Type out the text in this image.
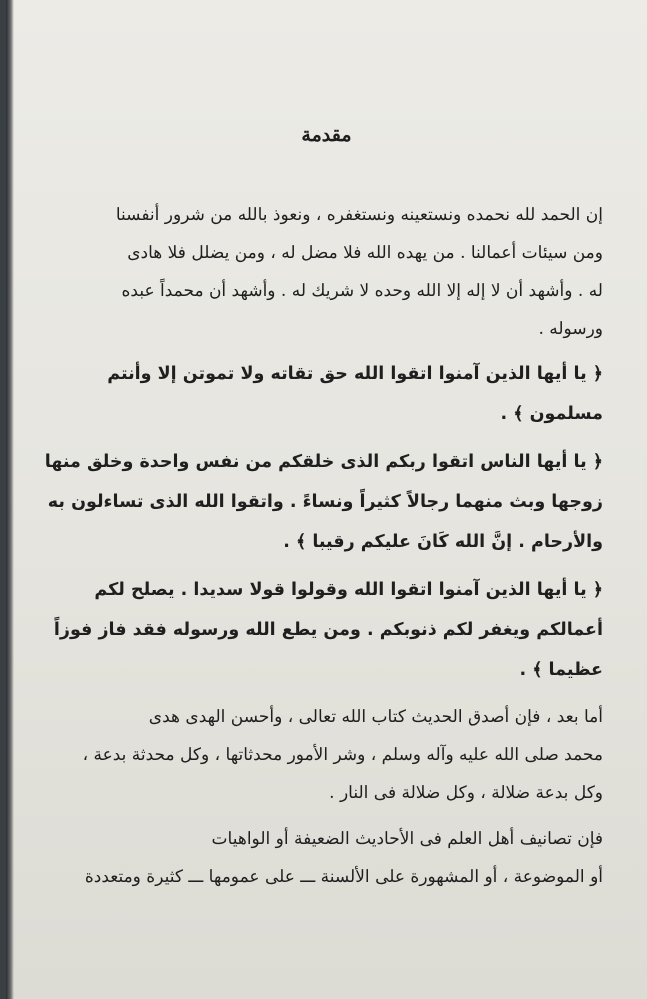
مقدمة

إن الحمد لله نحمده ونستعينه ونستغفره ، ونعوذ بالله من شرور أنفسنا
ومن سيئات أعمالنا . من يهده الله فلا مضل له ، ومن يضلل فلا هادى
له . وأشهد أن لا إله إلا الله وحده لا شريك له . وأشهد أن محمداً عبده
ورسوله .

﴿ يا أيها الذين آمنوا اتقوا الله حق تقاته ولا تموتن إلا وأنتم
مسلمون ﴾ .

﴿ يا أيها الناس اتقوا ربكم الذى خلقكم من نفس واحدة وخلق منها
زوجها وبث منهما رجالاً كثيراً ونساءً . واتقوا الله الذى تساءلون به
والأرحام . إنَّ الله كَانَ عليكم رقيبا ﴾ .

﴿ يا أيها الذين آمنوا اتقوا الله وقولوا قولا سديدا . يصلح لكم
أعمالكم ويغفر لكم ذنوبكم . ومن يطع الله ورسوله فقد فاز فوزاً
عظيما ﴾ .

أما بعد ، فإن أصدق الحديث كتاب الله تعالى ، وأحسن الهدى هدى
محمد صلى الله عليه وآله وسلم ، وشر الأمور محدثاتها ، وكل محدثة بدعة ،
وكل بدعة ضلالة ، وكل ضلالة فى النار .

فإن تصانيف أهل العلم فى الأحاديث الضعيفة أو الواهيات
أو الموضوعة ، أو المشهورة على الألسنة ـــ على عمومها ـــ كثيرة ومتعددة
